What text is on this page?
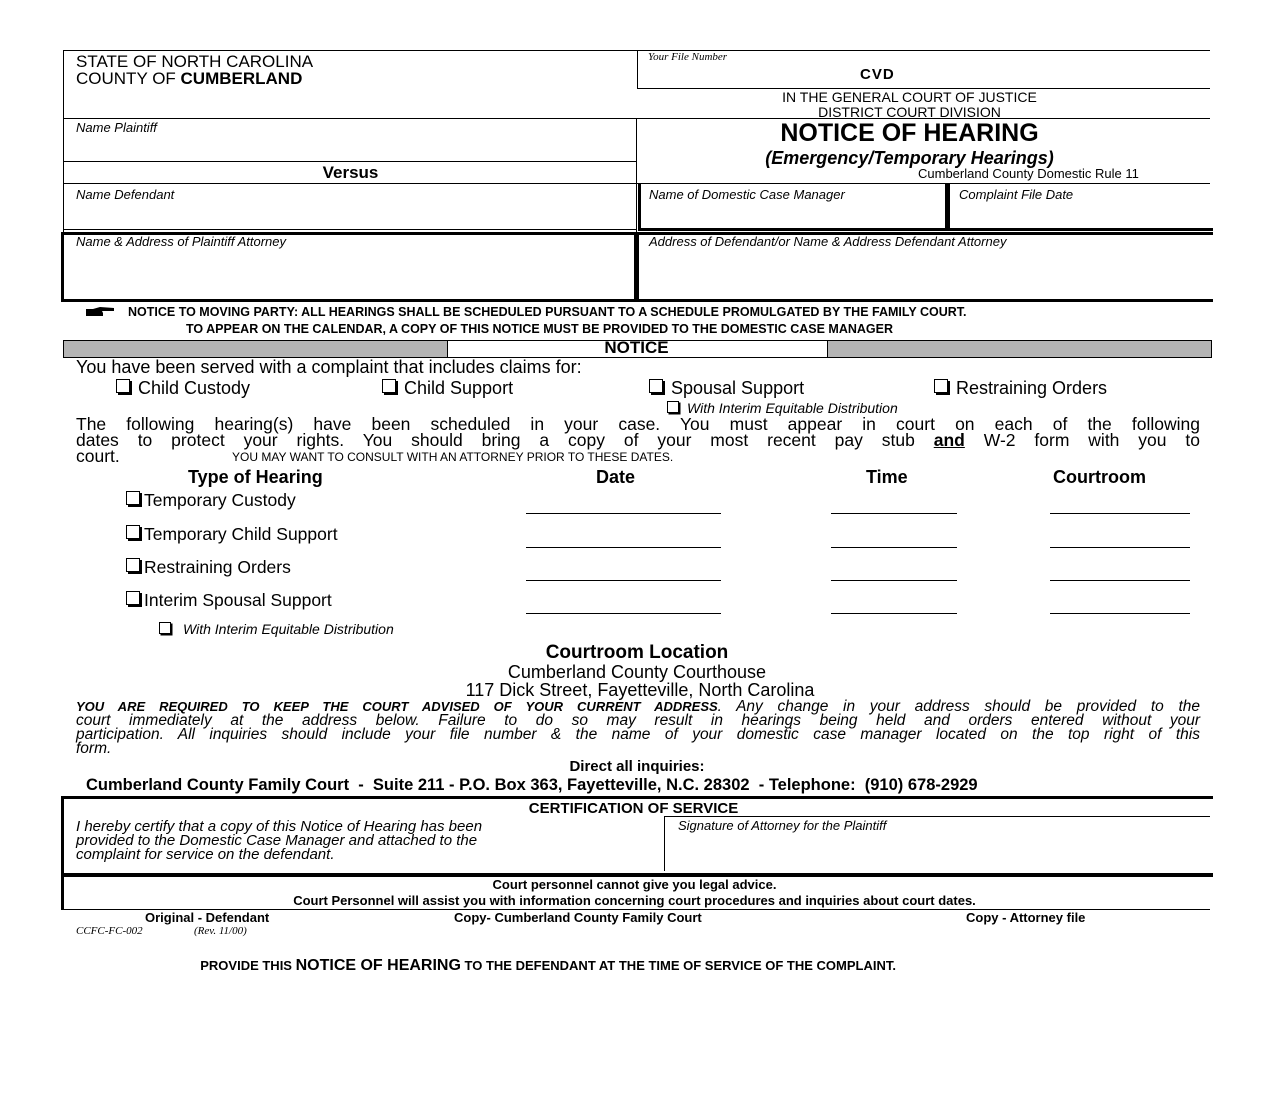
STATE OF NORTH CAROLINA
COUNTY OF CUMBERLAND
Your File Number
CVD
IN THE GENERAL COURT OF JUSTICE
DISTRICT COURT DIVISION
Name Plaintiff
Versus
NOTICE OF HEARING
(Emergency/Temporary Hearings)
Cumberland County Domestic Rule 11
Name Defendant	Name of Domestic Case Manager	Complaint File Date
Name & Address of Plaintiff Attorney	Address of Defendant/or Name & Address Defendant Attorney
NOTICE TO MOVING PARTY: ALL HEARINGS SHALL BE SCHEDULED PURSUANT TO A SCHEDULE PROMULGATED BY THE FAMILY COURT.
TO APPEAR ON THE CALENDAR, A COPY OF THIS NOTICE MUST BE PROVIDED TO THE DOMESTIC CASE MANAGER
NOTICE
You have been served with a complaint that includes claims for:
Child Custody	Child Support	Spousal Support	Restraining Orders
With Interim Equitable Distribution
The following hearing(s) have been scheduled in your case. You must appear in court on each of the following
dates to protect your rights. You should bring a copy of your most recent pay stub and W-2 form with you to
court.	YOU MAY WANT TO CONSULT WITH AN ATTORNEY PRIOR TO THESE DATES.
Type of Hearing	Date	Time	Courtroom
Temporary Custody
Temporary Child Support
Restraining Orders
Interim Spousal Support
With Interim Equitable Distribution
Courtroom Location
Cumberland County Courthouse
117 Dick Street, Fayetteville, North Carolina
YOU ARE REQUIRED TO KEEP THE COURT ADVISED OF YOUR CURRENT ADDRESS. Any change in your address should be provided to the
court immediately at the address below. Failure to do so may result in hearings being held and orders entered without your
participation. All inquiries should include your file number & the name of your domestic case manager located on the top right of this
form.
Direct all inquiries:
Cumberland County Family Court  -  Suite 211 - P.O. Box 363, Fayetteville, N.C. 28302  - Telephone:  (910) 678-2929
CERTIFICATION OF SERVICE
I hereby certify that a copy of this Notice of Hearing has been
provided to the Domestic Case Manager and attached to the
complaint for service on the defendant.
Signature of Attorney for the Plaintiff
Court personnel cannot give you legal advice.
Court Personnel will assist you with information concerning court procedures and inquiries about court dates.
Original - Defendant	Copy- Cumberland County Family Court	Copy - Attorney file
CCFC-FC-002	(Rev. 11/00)

PROVIDE THIS NOTICE OF HEARING TO THE DEFENDANT AT THE TIME OF SERVICE OF THE COMPLAINT.
